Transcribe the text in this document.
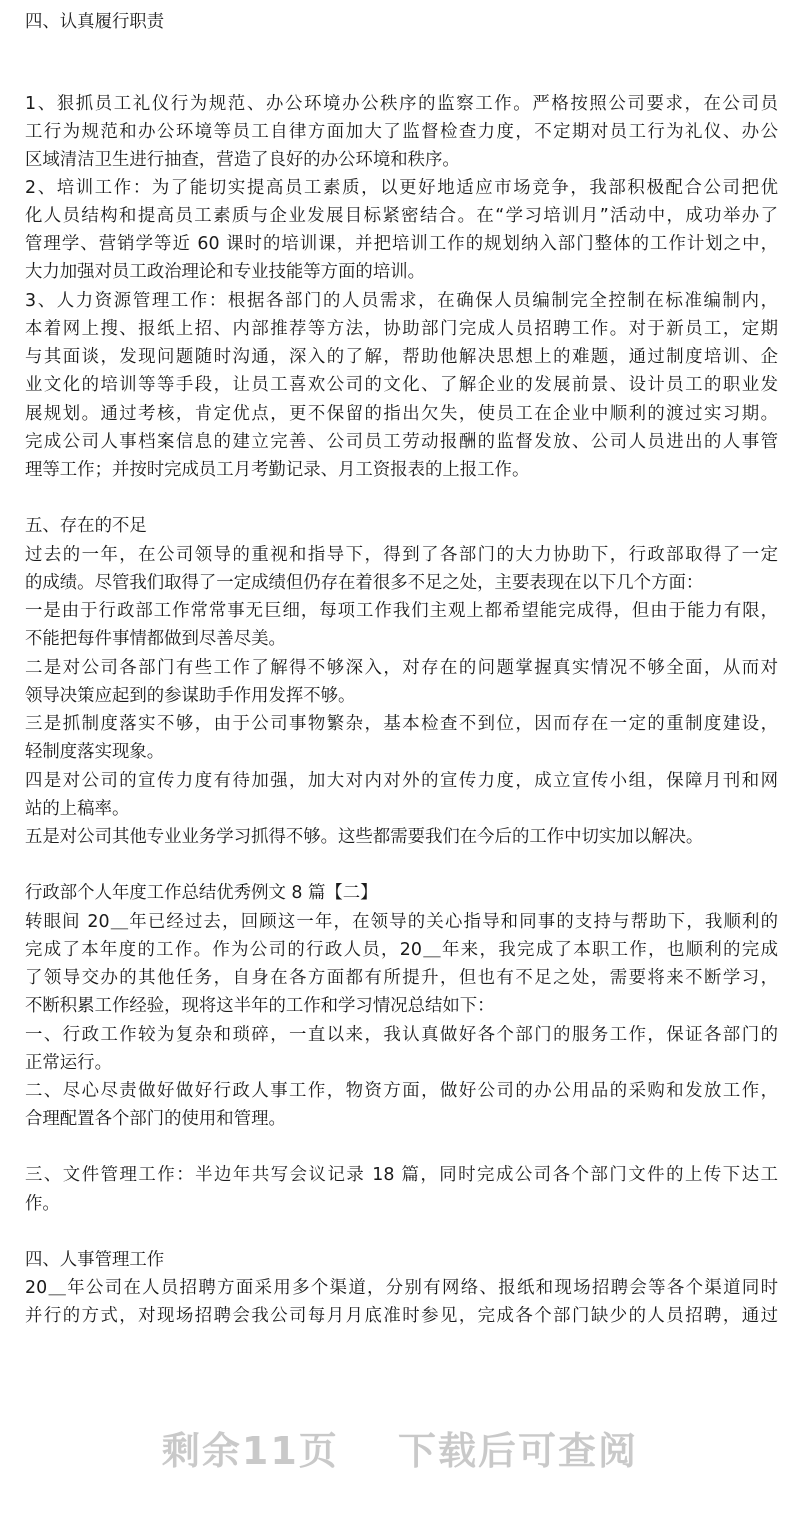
四、认真履行职责
1、狠抓员工礼仪行为规范、办公环境办公秩序的监察工作。严格按照公司要求，在公司员
工行为规范和办公环境等员工自律方面加大了监督检查力度，不定期对员工行为礼仪、办公
区域清洁卫生进行抽查，营造了良好的办公环境和秩序。
2、培训工作：为了能切实提高员工素质，以更好地适应市场竞争，我部积极配合公司把优
化人员结构和提高员工素质与企业发展目标紧密结合。在“学习培训月”活动中，成功举办了
管理学、营销学等近 60 课时的培训课，并把培训工作的规划纳入部门整体的工作计划之中，
大力加强对员工政治理论和专业技能等方面的培训。
3、人力资源管理工作：根据各部门的人员需求，在确保人员编制完全控制在标准编制内，
本着网上搜、报纸上招、内部推荐等方法，协助部门完成人员招聘工作。对于新员工，定期
与其面谈，发现问题随时沟通，深入的了解，帮助他解决思想上的难题，通过制度培训、企
业文化的培训等等手段，让员工喜欢公司的文化、了解企业的发展前景、设计员工的职业发
展规划。通过考核，肯定优点，更不保留的指出欠失，使员工在企业中顺利的渡过实习期。
完成公司人事档案信息的建立完善、公司员工劳动报酬的监督发放、公司人员进出的人事管
理等工作；并按时完成员工月考勤记录、月工资报表的上报工作。
五、存在的不足
过去的一年，在公司领导的重视和指导下，得到了各部门的大力协助下，行政部取得了一定
的成绩。尽管我们取得了一定成绩但仍存在着很多不足之处，主要表现在以下几个方面：
一是由于行政部工作常常事无巨细，每项工作我们主观上都希望能完成得，但由于能力有限，
不能把每件事情都做到尽善尽美。
二是对公司各部门有些工作了解得不够深入，对存在的问题掌握真实情况不够全面，从而对
领导决策应起到的参谋助手作用发挥不够。
三是抓制度落实不够，由于公司事物繁杂，基本检查不到位，因而存在一定的重制度建设，
轻制度落实现象。
四是对公司的宣传力度有待加强，加大对内对外的宣传力度，成立宣传小组，保障月刊和网
站的上稿率。
五是对公司其他专业业务学习抓得不够。这些都需要我们在今后的工作中切实加以解决。
行政部个人年度工作总结优秀例文 8 篇【二】
转眼间 20＿年已经过去，回顾这一年，在领导的关心指导和同事的支持与帮助下，我顺利的
完成了本年度的工作。作为公司的行政人员，20＿年来，我完成了本职工作，也顺利的完成
了领导交办的其他任务，自身在各方面都有所提升，但也有不足之处，需要将来不断学习，
不断积累工作经验，现将这半年的工作和学习情况总结如下：
一、行政工作较为复杂和琐碎，一直以来，我认真做好各个部门的服务工作，保证各部门的
正常运行。
二、尽心尽责做好做好行政人事工作，物资方面，做好公司的办公用品的采购和发放工作，
合理配置各个部门的使用和管理。
三、文件管理工作：半边年共写会议记录 18 篇，同时完成公司各个部门文件的上传下达工
作。
四、人事管理工作
20＿年公司在人员招聘方面采用多个渠道，分别有网络、报纸和现场招聘会等各个渠道同时
并行的方式，对现场招聘会我公司每月月底准时参见，完成各个部门缺少的人员招聘，通过
剩余11页 下载后可查阅
